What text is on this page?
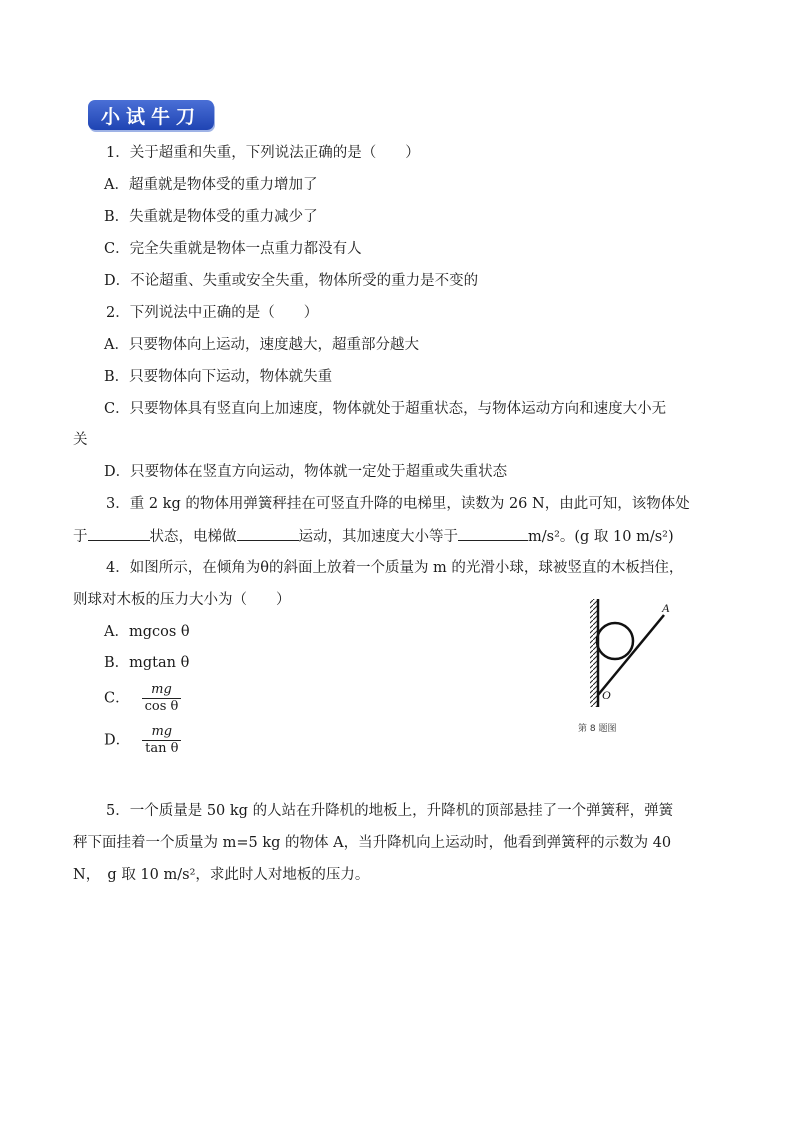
小试牛刀
1．关于超重和失重，下列说法正确的是（　　）
A．超重就是物体受的重力增加了
B．失重就是物体受的重力减少了
C．完全失重就是物体一点重力都没有人
D．不论超重、失重或安全失重，物体所受的重力是不变的
2．下列说法中正确的是（　　）
A．只要物体向上运动，速度越大，超重部分越大
B．只要物体向下运动，物体就失重
C．只要物体具有竖直向上加速度，物体就处于超重状态，与物体运动方向和速度大小无
关
D．只要物体在竖直方向运动，物体就一定处于超重或失重状态
3．重 2 kg 的物体用弹簧秤挂在可竖直升降的电梯里，读数为 26 N，由此可知，该物体处
于	状态，电梯做	运动，其加速度大小等于	m/s²。(g 取 10 m/s²)
4．如图所示，在倾角为θ的斜面上放着一个质量为 m 的光滑小球，球被竖直的木板挡住，
则球对木板的压力大小为（　　）
A．mgcos θ
B．mgtan θ
C． $\frac{mg}{\text{cos θ}}$
D． $\frac{mg}{\text{tan θ}}$
A
O
第 8 题图
5．一个质量是 50 kg 的人站在升降机的地板上，升降机的顶部悬挂了一个弹簧秤，弹簧
秤下面挂着一个质量为 m=5 kg 的物体 A，当升降机向上运动时，他看到弹簧秤的示数为 40
N，　g 取 10 m/s²，求此时人对地板的压力。
